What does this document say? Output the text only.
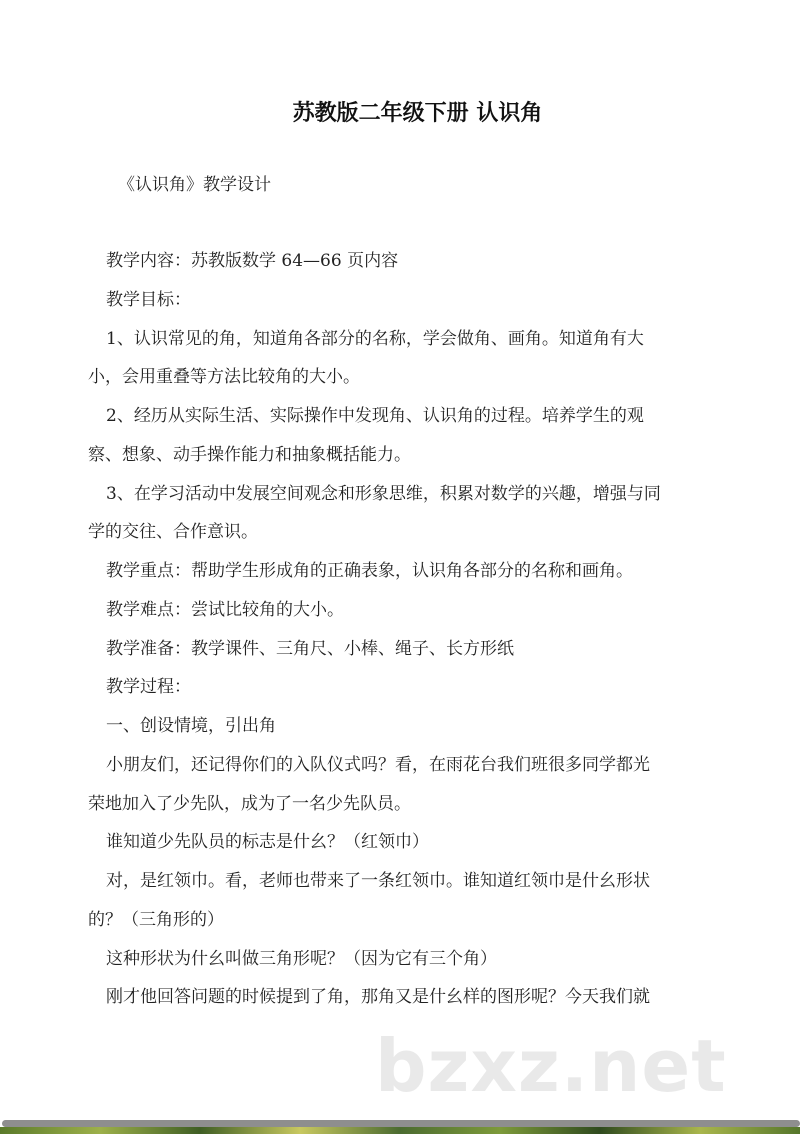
苏教版二年级下册 认识角
《认识角》教学设计
教学内容：苏教版数学 64—66 页内容
教学目标：
1、认识常见的角，知道角各部分的名称，学会做角、画角。知道角有大
小，会用重叠等方法比较角的大小。
2、经历从实际生活、实际操作中发现角、认识角的过程。培养学生的观
察、想象、动手操作能力和抽象概括能力。
3、在学习活动中发展空间观念和形象思维，积累对数学的兴趣，增强与同
学的交往、合作意识。
教学重点：帮助学生形成角的正确表象，认识角各部分的名称和画角。
教学难点：尝试比较角的大小。
教学准备：教学课件、三角尺、小棒、绳子、长方形纸
教学过程：
一、创设情境，引出角
小朋友们，还记得你们的入队仪式吗？看，在雨花台我们班很多同学都光
荣地加入了少先队，成为了一名少先队员。
谁知道少先队员的标志是什幺？（红领巾）
对，是红领巾。看，老师也带来了一条红领巾。谁知道红领巾是什幺形状
的？（三角形的）
这种形状为什幺叫做三角形呢？（因为它有三个角）
刚才他回答问题的时候提到了角，那角又是什幺样的图形呢？今天我们就
bzxz.net
